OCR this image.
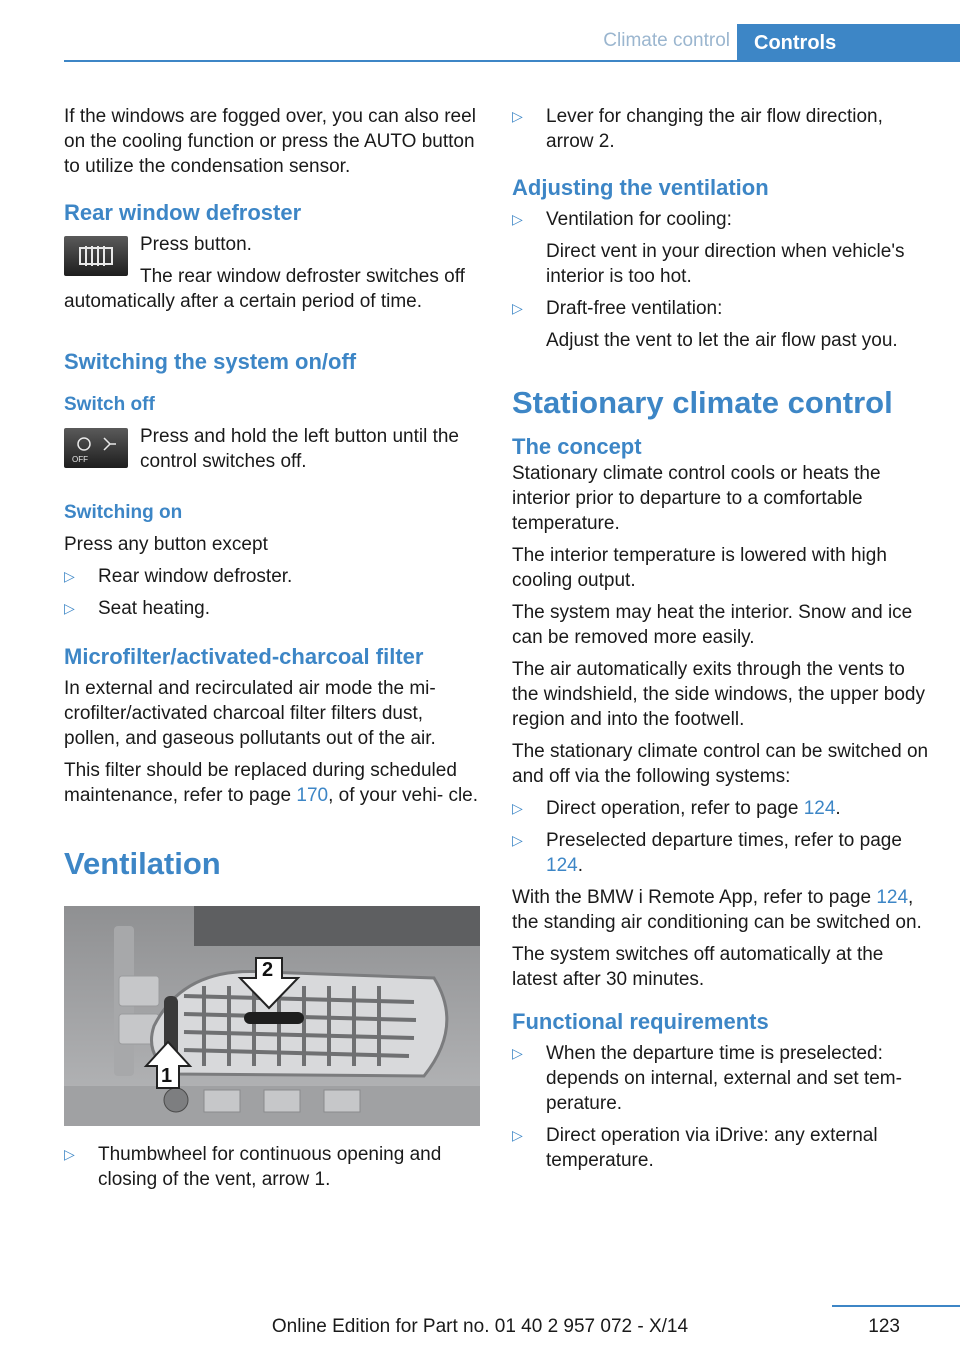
Climate control	Controls

If the windows are fogged over, you can also reel on the cooling function or press the AUTO button to utilize the condensation sensor.

Rear window defroster

Press button.

The rear window defroster switches off automatically after a certain period of time.

Switching the system on/off
Switch off
OFF

Press and hold the left button until the control switches off.

Switching on

Press any button except

▷ Rear window defroster.
▷ Seat heating.
Microfilter/activated-charcoal filter

In external and recirculated air mode the mi‐ crofilter/activated charcoal filter filters dust, pollen, and gaseous pollutants out of the air.

This filter should be replaced during scheduled maintenance, refer to page 170, of your vehi‐ cle.

Ventilation
1
2
▷ Thumbwheel for continuous opening and closing of the vent, arrow 1.
▷ Lever for changing the air flow direction, arrow 2.
Adjusting the ventilation
▷ Ventilation for cooling:

Direct vent in your direction when vehicle's interior is too hot.

▷ Draft-free ventilation:

Adjust the vent to let the air flow past you.

Stationary climate control
The concept

Stationary climate control cools or heats the interior prior to departure to a comfortable temperature.

The interior temperature is lowered with high cooling output.

The system may heat the interior. Snow and ice can be removed more easily.

The air automatically exits through the vents to the windshield, the side windows, the upper body region and into the footwell.

The stationary climate control can be switched on and off via the following systems:

▷ Direct operation, refer to page 124.
▷ Preselected departure times, refer to page 124.

With the BMW i Remote App, refer to page 124, the standing air conditioning can be switched on.

The system switches off automatically at the latest after 30 minutes.

Functional requirements
▷ When the departure time is preselected: depends on internal, external and set tem‐ perature.
▷ Direct operation via iDrive: any external temperature.
123
Online Edition for Part no. 01 40 2 957 072 - X/14
